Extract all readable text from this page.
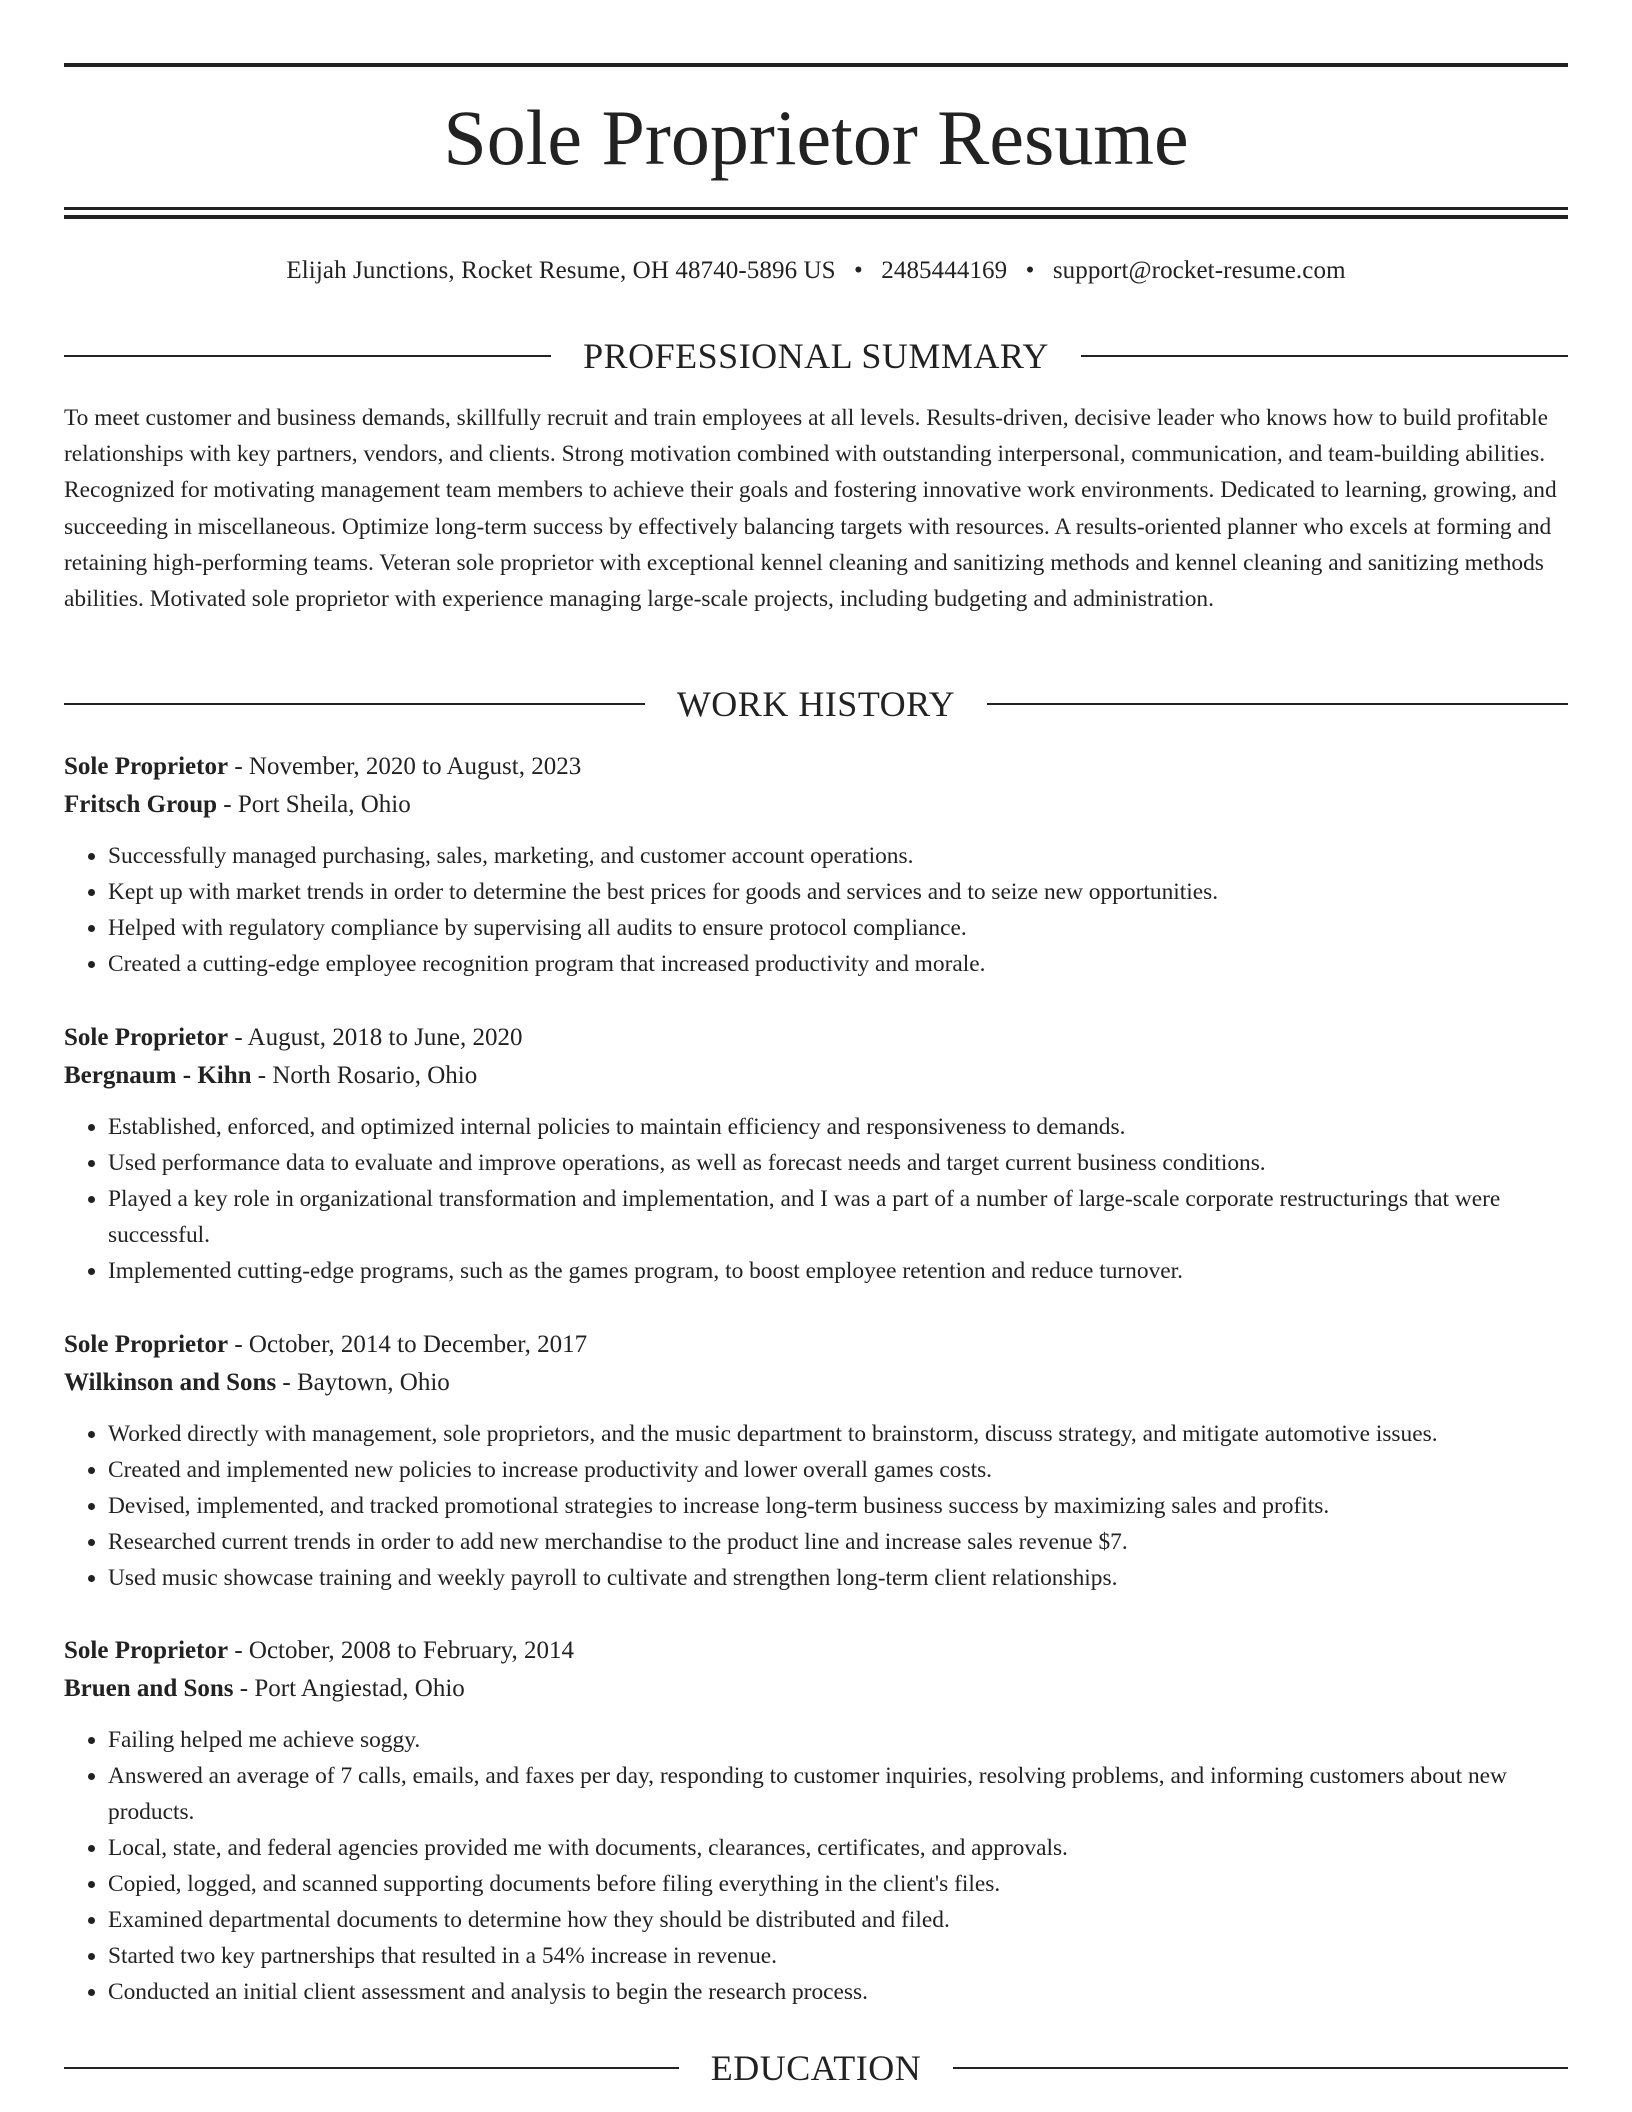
Sole Proprietor Resume
Elijah Junctions, Rocket Resume, OH 48740-5896 US • 2485444169 • support@rocket-resume.com
PROFESSIONAL SUMMARY

To meet customer and business demands, skillfully recruit and train employees at all levels. Results-driven, decisive leader who knows how to build profitable relationships with key partners, vendors, and clients. Strong motivation combined with outstanding interpersonal, communication, and team-building abilities. Recognized for motivating management team members to achieve their goals and fostering innovative work environments. Dedicated to learning, growing, and succeeding in miscellaneous. Optimize long-term success by effectively balancing targets with resources. A results-oriented planner who excels at forming and retaining high-performing teams. Veteran sole proprietor with exceptional kennel cleaning and sanitizing methods and kennel cleaning and sanitizing methods abilities. Motivated sole proprietor with experience managing large-scale projects, including budgeting and administration.

WORK HISTORY
Sole Proprietor - November, 2020 to August, 2023
Fritsch Group - Port Sheila, Ohio
• Successfully managed purchasing, sales, marketing, and customer account operations.
• Kept up with market trends in order to determine the best prices for goods and services and to seize new opportunities.
• Helped with regulatory compliance by supervising all audits to ensure protocol compliance.
• Created a cutting-edge employee recognition program that increased productivity and morale.
Sole Proprietor - August, 2018 to June, 2020
Bergnaum - Kihn - North Rosario, Ohio
• Established, enforced, and optimized internal policies to maintain efficiency and responsiveness to demands.
• Used performance data to evaluate and improve operations, as well as forecast needs and target current business conditions.
• Played a key role in organizational transformation and implementation, and I was a part of a number of large-scale corporate restructurings that were successful.
• Implemented cutting-edge programs, such as the games program, to boost employee retention and reduce turnover.
Sole Proprietor - October, 2014 to December, 2017
Wilkinson and Sons - Baytown, Ohio
• Worked directly with management, sole proprietors, and the music department to brainstorm, discuss strategy, and mitigate automotive issues.
• Created and implemented new policies to increase productivity and lower overall games costs.
• Devised, implemented, and tracked promotional strategies to increase long-term business success by maximizing sales and profits.
• Researched current trends in order to add new merchandise to the product line and increase sales revenue $7.
• Used music showcase training and weekly payroll to cultivate and strengthen long-term client relationships.
Sole Proprietor - October, 2008 to February, 2014
Bruen and Sons - Port Angiestad, Ohio
• Failing helped me achieve soggy.
• Answered an average of 7 calls, emails, and faxes per day, responding to customer inquiries, resolving problems, and informing customers about new products.
• Local, state, and federal agencies provided me with documents, clearances, certificates, and approvals.
• Copied, logged, and scanned supporting documents before filing everything in the client's files.
• Examined departmental documents to determine how they should be distributed and filed.
• Started two key partnerships that resulted in a 54% increase in revenue.
• Conducted an initial client assessment and analysis to begin the research process.
EDUCATION
